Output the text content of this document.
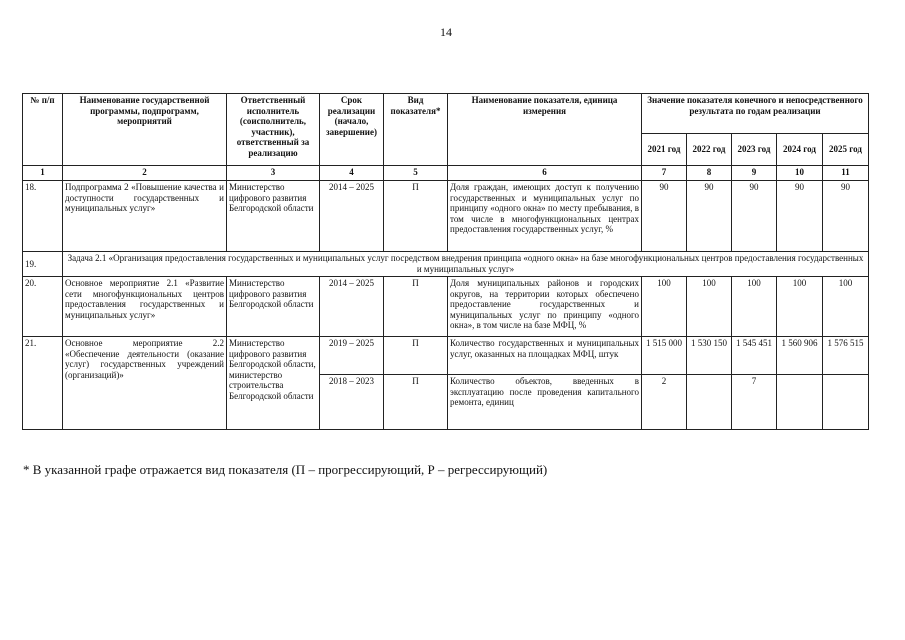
14
№ п/п	Наименование государственной программы, подпрограмм, мероприятий	Ответственный исполнитель (соисполнитель, участник), ответственный за реализацию	Срок реализации (начало, завершение)	Вид показателя*	Наименование показателя, единица измерения	Значение показателя конечного и непосредственного результата по годам реализации				
						2021 год	2022 год	2023 год	2024 год	2025 год
1	2	3	4	5	6	7	8	9	10	11
18.	Подпрограмма 2 «Повышение качества и доступности государственных и муниципальных услуг»	Министерство цифрового развития Белгородской области	2014 – 2025	П	Доля граждан, имеющих доступ к получению государственных и муниципальных услуг по принципу «одного окна» по месту пребывания, в том числе в многофункциональных центрах предоставления государственных услуг, %	90	90	90	90	90
19.	Задача 2.1 «Организация предоставления государственных и муниципальных услуг посредством внедрения принципа «одного окна» на базе многофункциональных центров предоставления государственных и муниципальных услуг»									
20.	Основное мероприятие 2.1 «Развитие сети многофункциональных центров предоставления государственных и муниципальных услуг»	Министерство цифрового развития Белгородской области	2014 – 2025	П	Доля муниципальных районов и городских округов, на территории которых обеспечено предоставление государственных и муниципальных услуг по принципу «одного окна», в том числе на базе МФЦ, %	100	100	100	100	100
21.	Основное мероприятие 2.2 «Обеспечение деятельности (оказание услуг) государственных учреждений (организаций)»	Министерство цифрового развития Белгородской области, министерство строительства Белгородской области	2019 – 2025	П	Количество государственных и муниципальных услуг, оказанных на площадках МФЦ, штук	1 515 000	1 530 150	1 545 451	1 560 906	1 576 515
			2018 – 2023	П	Количество объектов, введенных в эксплуатацию после проведения капитального ремонта, единиц	2		7		
* В указанной графе отражается вид показателя (П – прогрессирующий, Р – регрессирующий)
